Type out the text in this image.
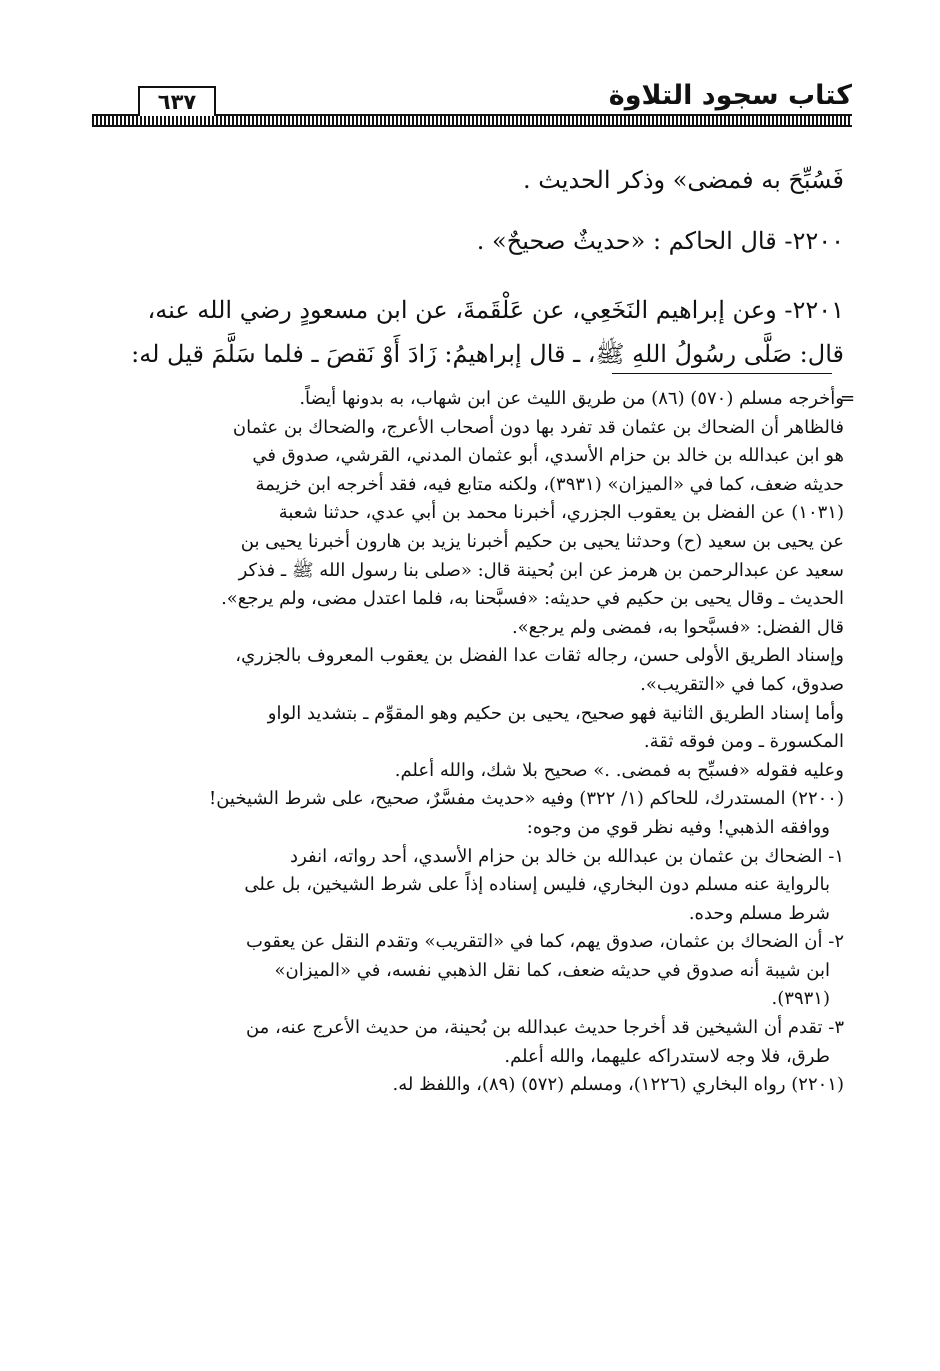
٦٣٧	كتاب سجود التلاوة

فَسُبِّحَ به فمضى» وذكر الحديث .

٢٢٠٠- قال الحاكم : «حديثٌ صحيحٌ» .

٢٢٠١- وعن إبراهيم النَخَعِي، عن عَلْقَمةَ، عن ابن مسعودٍ رضي الله عنه،

قال: صَلَّى رسُولُ اللهِ ﷺ، ـ قال إبراهيمُ: زَادَ أَوْ نَقصَ ـ فلما سَلَّمَ قيل له:

=

وأخرجه مسلم (٥٧٠) (٨٦) من طريق الليث عن ابن شهاب، به بدونها أيضاً.

فالظاهر أن الضحاك بن عثمان قد تفرد بها دون أصحاب الأعرج، والضحاك بن عثمان

هو ابن عبدالله بن خالد بن حزام الأسدي، أبو عثمان المدني، القرشي، صدوق في

حديثه ضعف، كما في «الميزان» (٣٩٣١)، ولكنه متابع فيه، فقد أخرجه ابن خزيمة

(١٠٣١) عن الفضل بن يعقوب الجزري، أخبرنا محمد بن أبي عدي، حدثنا شعبة

عن يحيى بن سعيد (ح) وحدثنا يحيى بن حكيم أخبرنا يزيد بن هارون أخبرنا يحيى بن

سعيد عن عبدالرحمن بن هرمز عن ابن بُحينة قال: «صلى بنا رسول الله ﷺ ـ فذكر

الحديث ـ وقال يحيى بن حكيم في حديثه: «فسبَّحنا به، فلما اعتدل مضى، ولم يرجع».

قال الفضل: «فسبَّحوا به، فمضى ولم يرجع».

وإسناد الطريق الأولى حسن، رجاله ثقات عدا الفضل بن يعقوب المعروف بالجزري،

صدوق، كما في «التقريب».

وأما إسناد الطريق الثانية فهو صحيح، يحيى بن حكيم وهو المقوِّم ـ بتشديد الواو

المكسورة ـ ومن فوقه ثقة.

وعليه فقوله «فسبِّح به فمضى. .» صحيح بلا شك، والله أعلم.

(٢٢٠٠) المستدرك، للحاكم (١/ ٣٢٢) وفيه «حديث مفسَّرٌ، صحيح، على شرط الشيخين!

ووافقه الذهبي! وفيه نظر قوي من وجوه:

١- الضحاك بن عثمان بن عبدالله بن خالد بن حزام الأسدي، أحد رواته، انفرد

بالرواية عنه مسلم دون البخاري، فليس إسناده إذاً على شرط الشيخين، بل على

شرط مسلم وحده.

٢- أن الضحاك بن عثمان، صدوق يهم، كما في «التقريب» وتقدم النقل عن يعقوب

ابن شيبة أنه صدوق في حديثه ضعف، كما نقل الذهبي نفسه، في «الميزان»

(٣٩٣١).

٣- تقدم أن الشيخين قد أخرجا حديث عبدالله بن بُحينة، من حديث الأعرج عنه، من

طرق، فلا وجه لاستدراكه عليهما، والله أعلم.

(٢٢٠١) رواه البخاري (١٢٢٦)، ومسلم (٥٧٢) (٨٩)، واللفظ له.
